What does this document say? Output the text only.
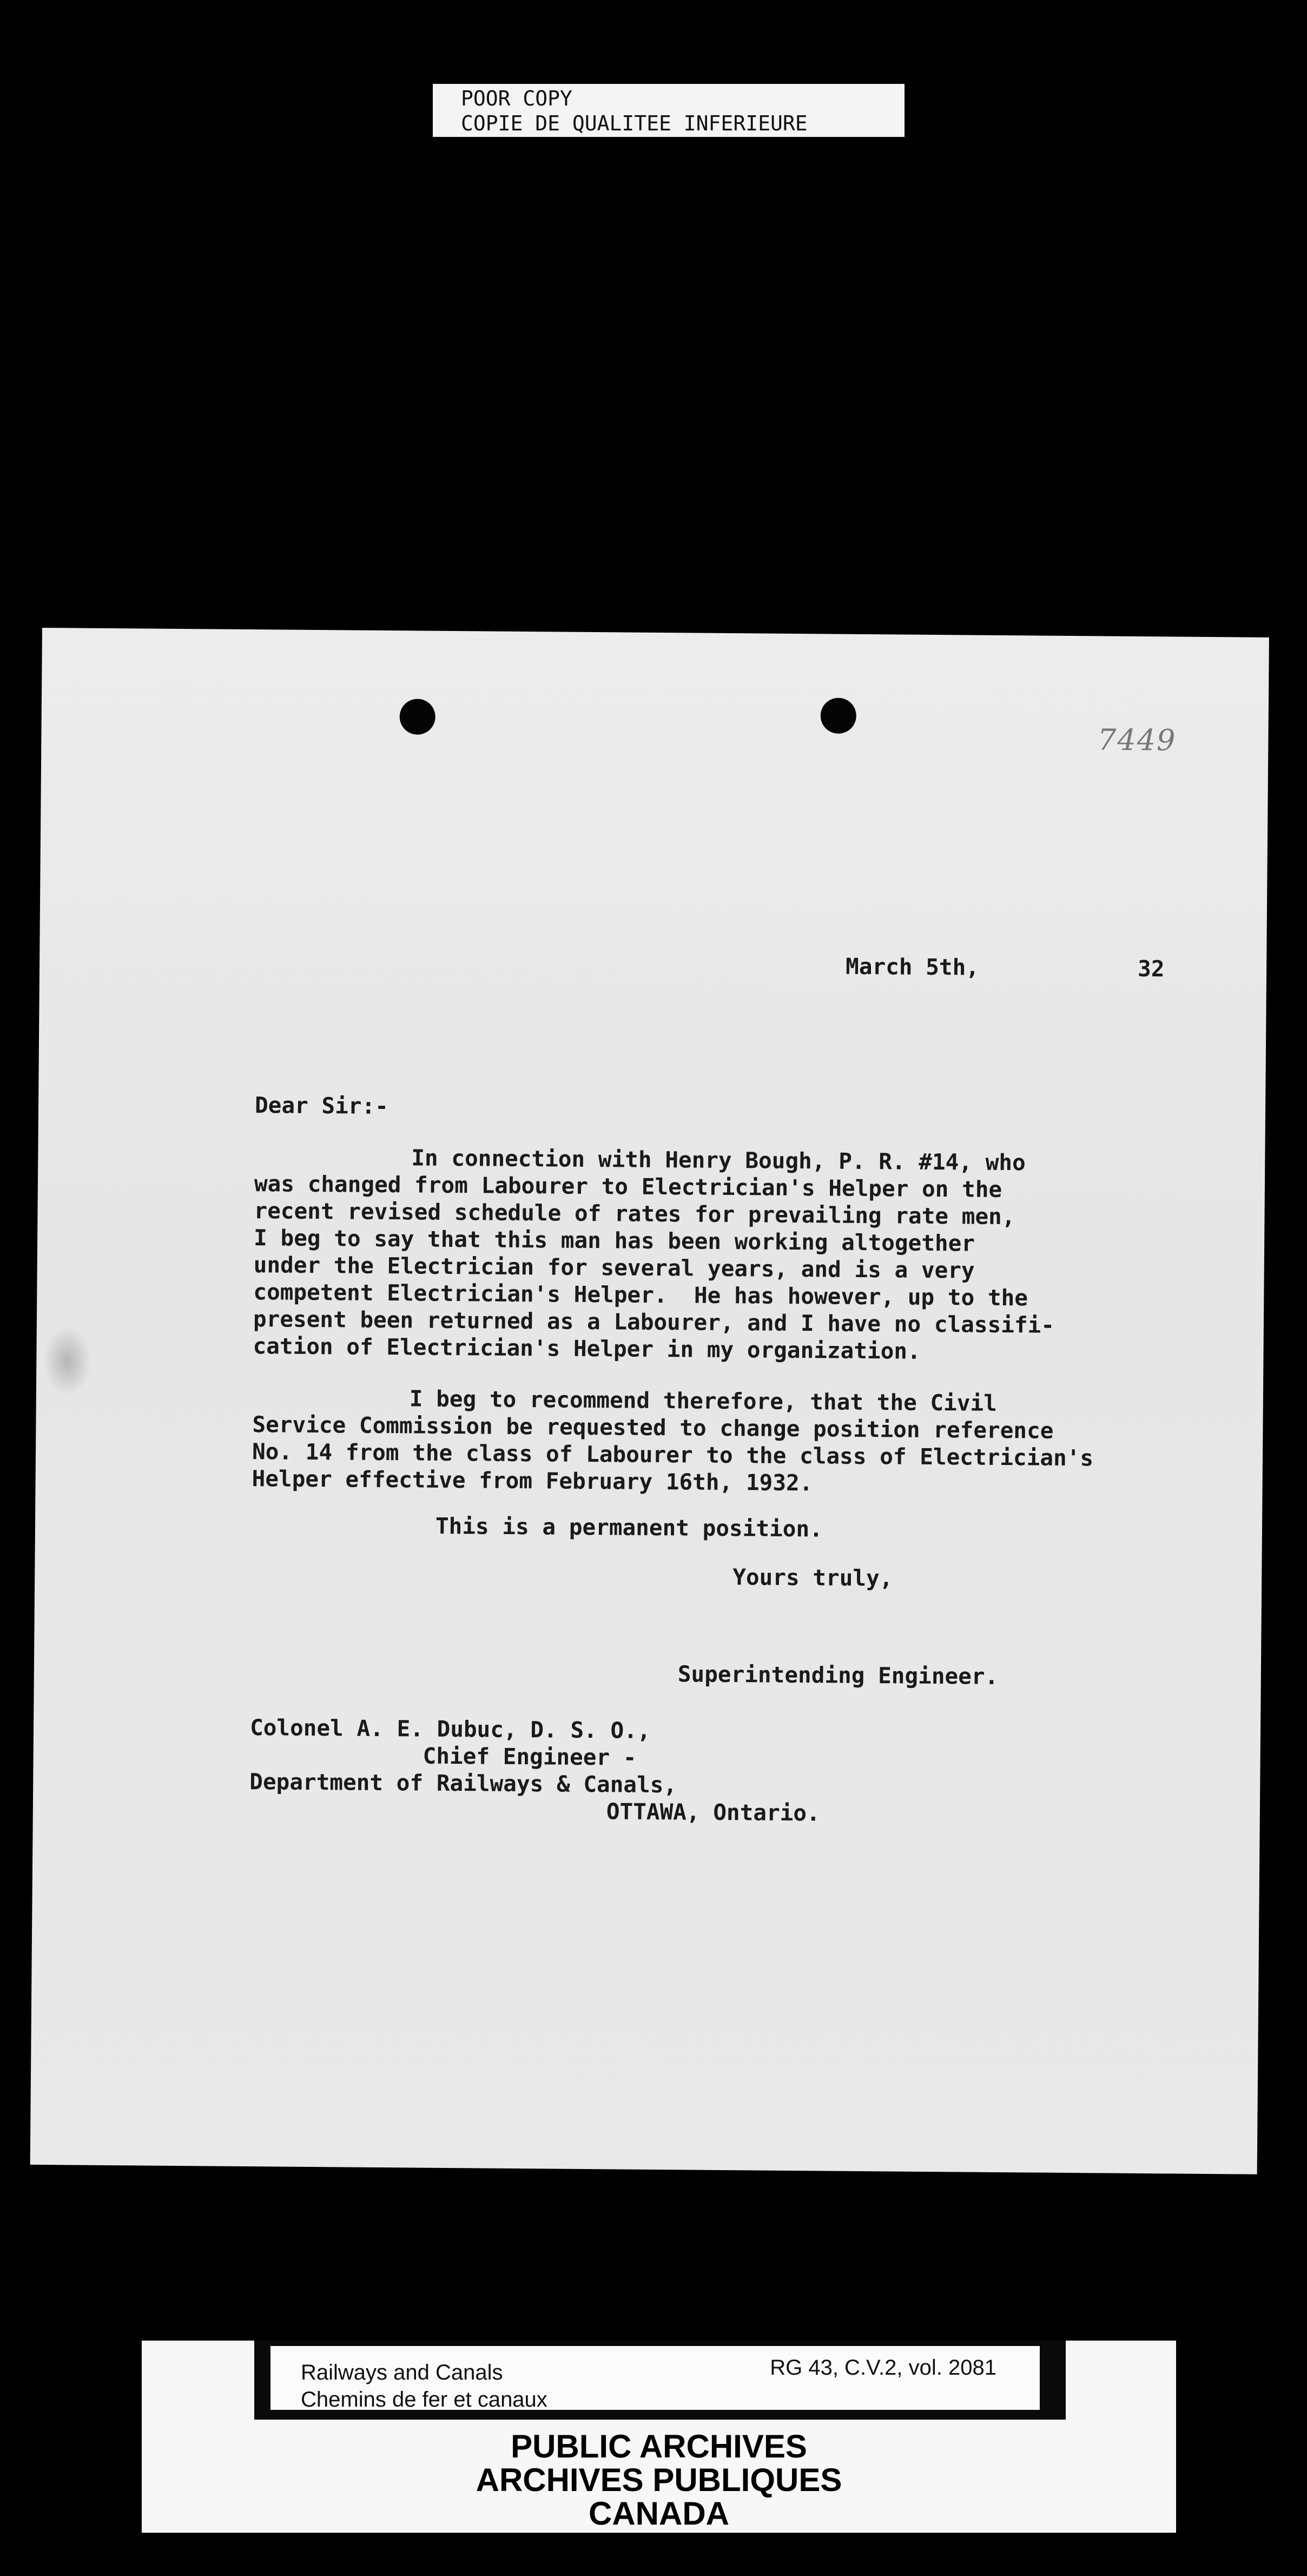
POOR COPY
COPIE DE QUALITEE INFERIEURE
7449
March 5th,	32
Dear Sir:-
In connection with Henry Bough, P. R. #14, who
was changed from Labourer to Electrician's Helper on the
recent revised schedule of rates for prevailing rate men,
I beg to say that this man has been working altogether
under the Electrician for several years, and is a very
competent Electrician's Helper.  He has however, up to the
present been returned as a Labourer, and I have no classifi-
cation of Electrician's Helper in my organization.
I beg to recommend therefore, that the Civil
Service Commission be requested to change position reference
No. 14 from the class of Labourer to the class of Electrician's
Helper effective from February 16th, 1932.
This is a permanent position.
Yours truly,
Superintending Engineer.
Colonel A. E. Dubuc, D. S. O.,
Chief Engineer -
Department of Railways & Canals,
OTTAWA, Ontario.
Railways and Canals
Chemins de fer et canaux
RG 43, C.V.2, vol. 2081
PUBLIC ARCHIVES
ARCHIVES PUBLIQUES
CANADA
